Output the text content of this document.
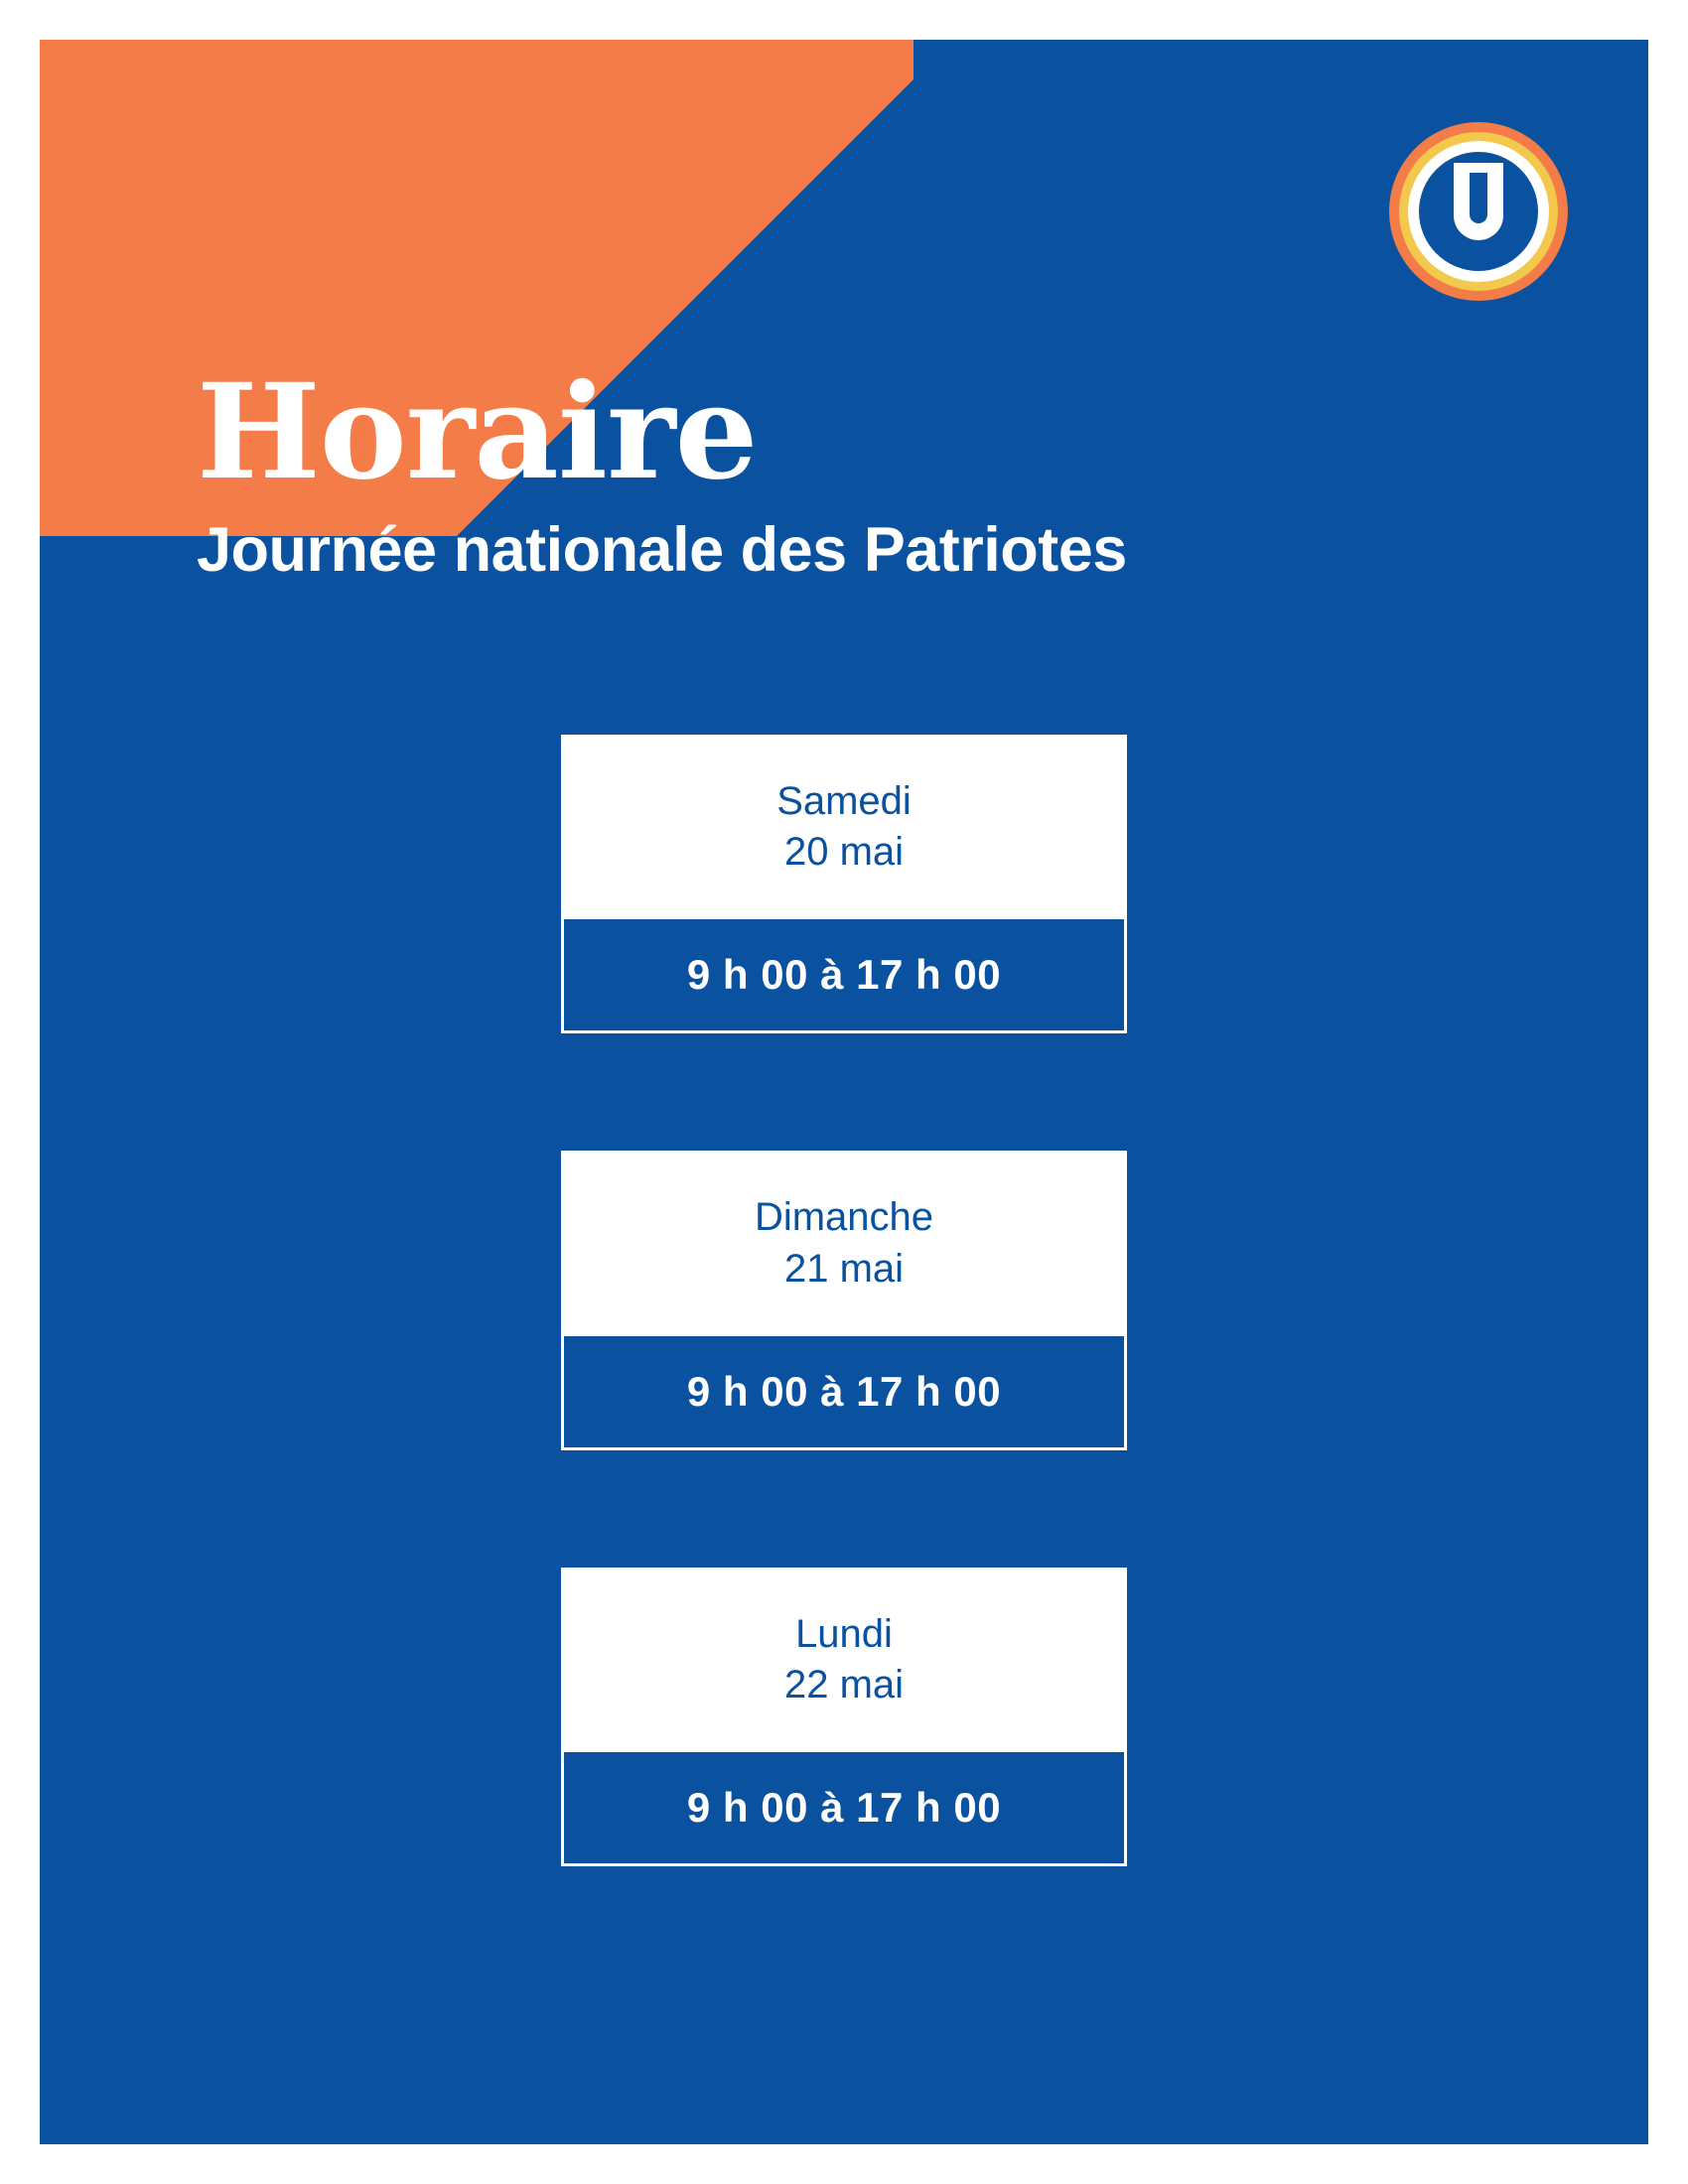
Horaire
Journée nationale des Patriotes
Samedi
20 mai
9 h 00 à 17 h 00
Dimanche
21 mai
9 h 00 à 17 h 00
Lundi
22 mai
9 h 00 à 17 h 00
